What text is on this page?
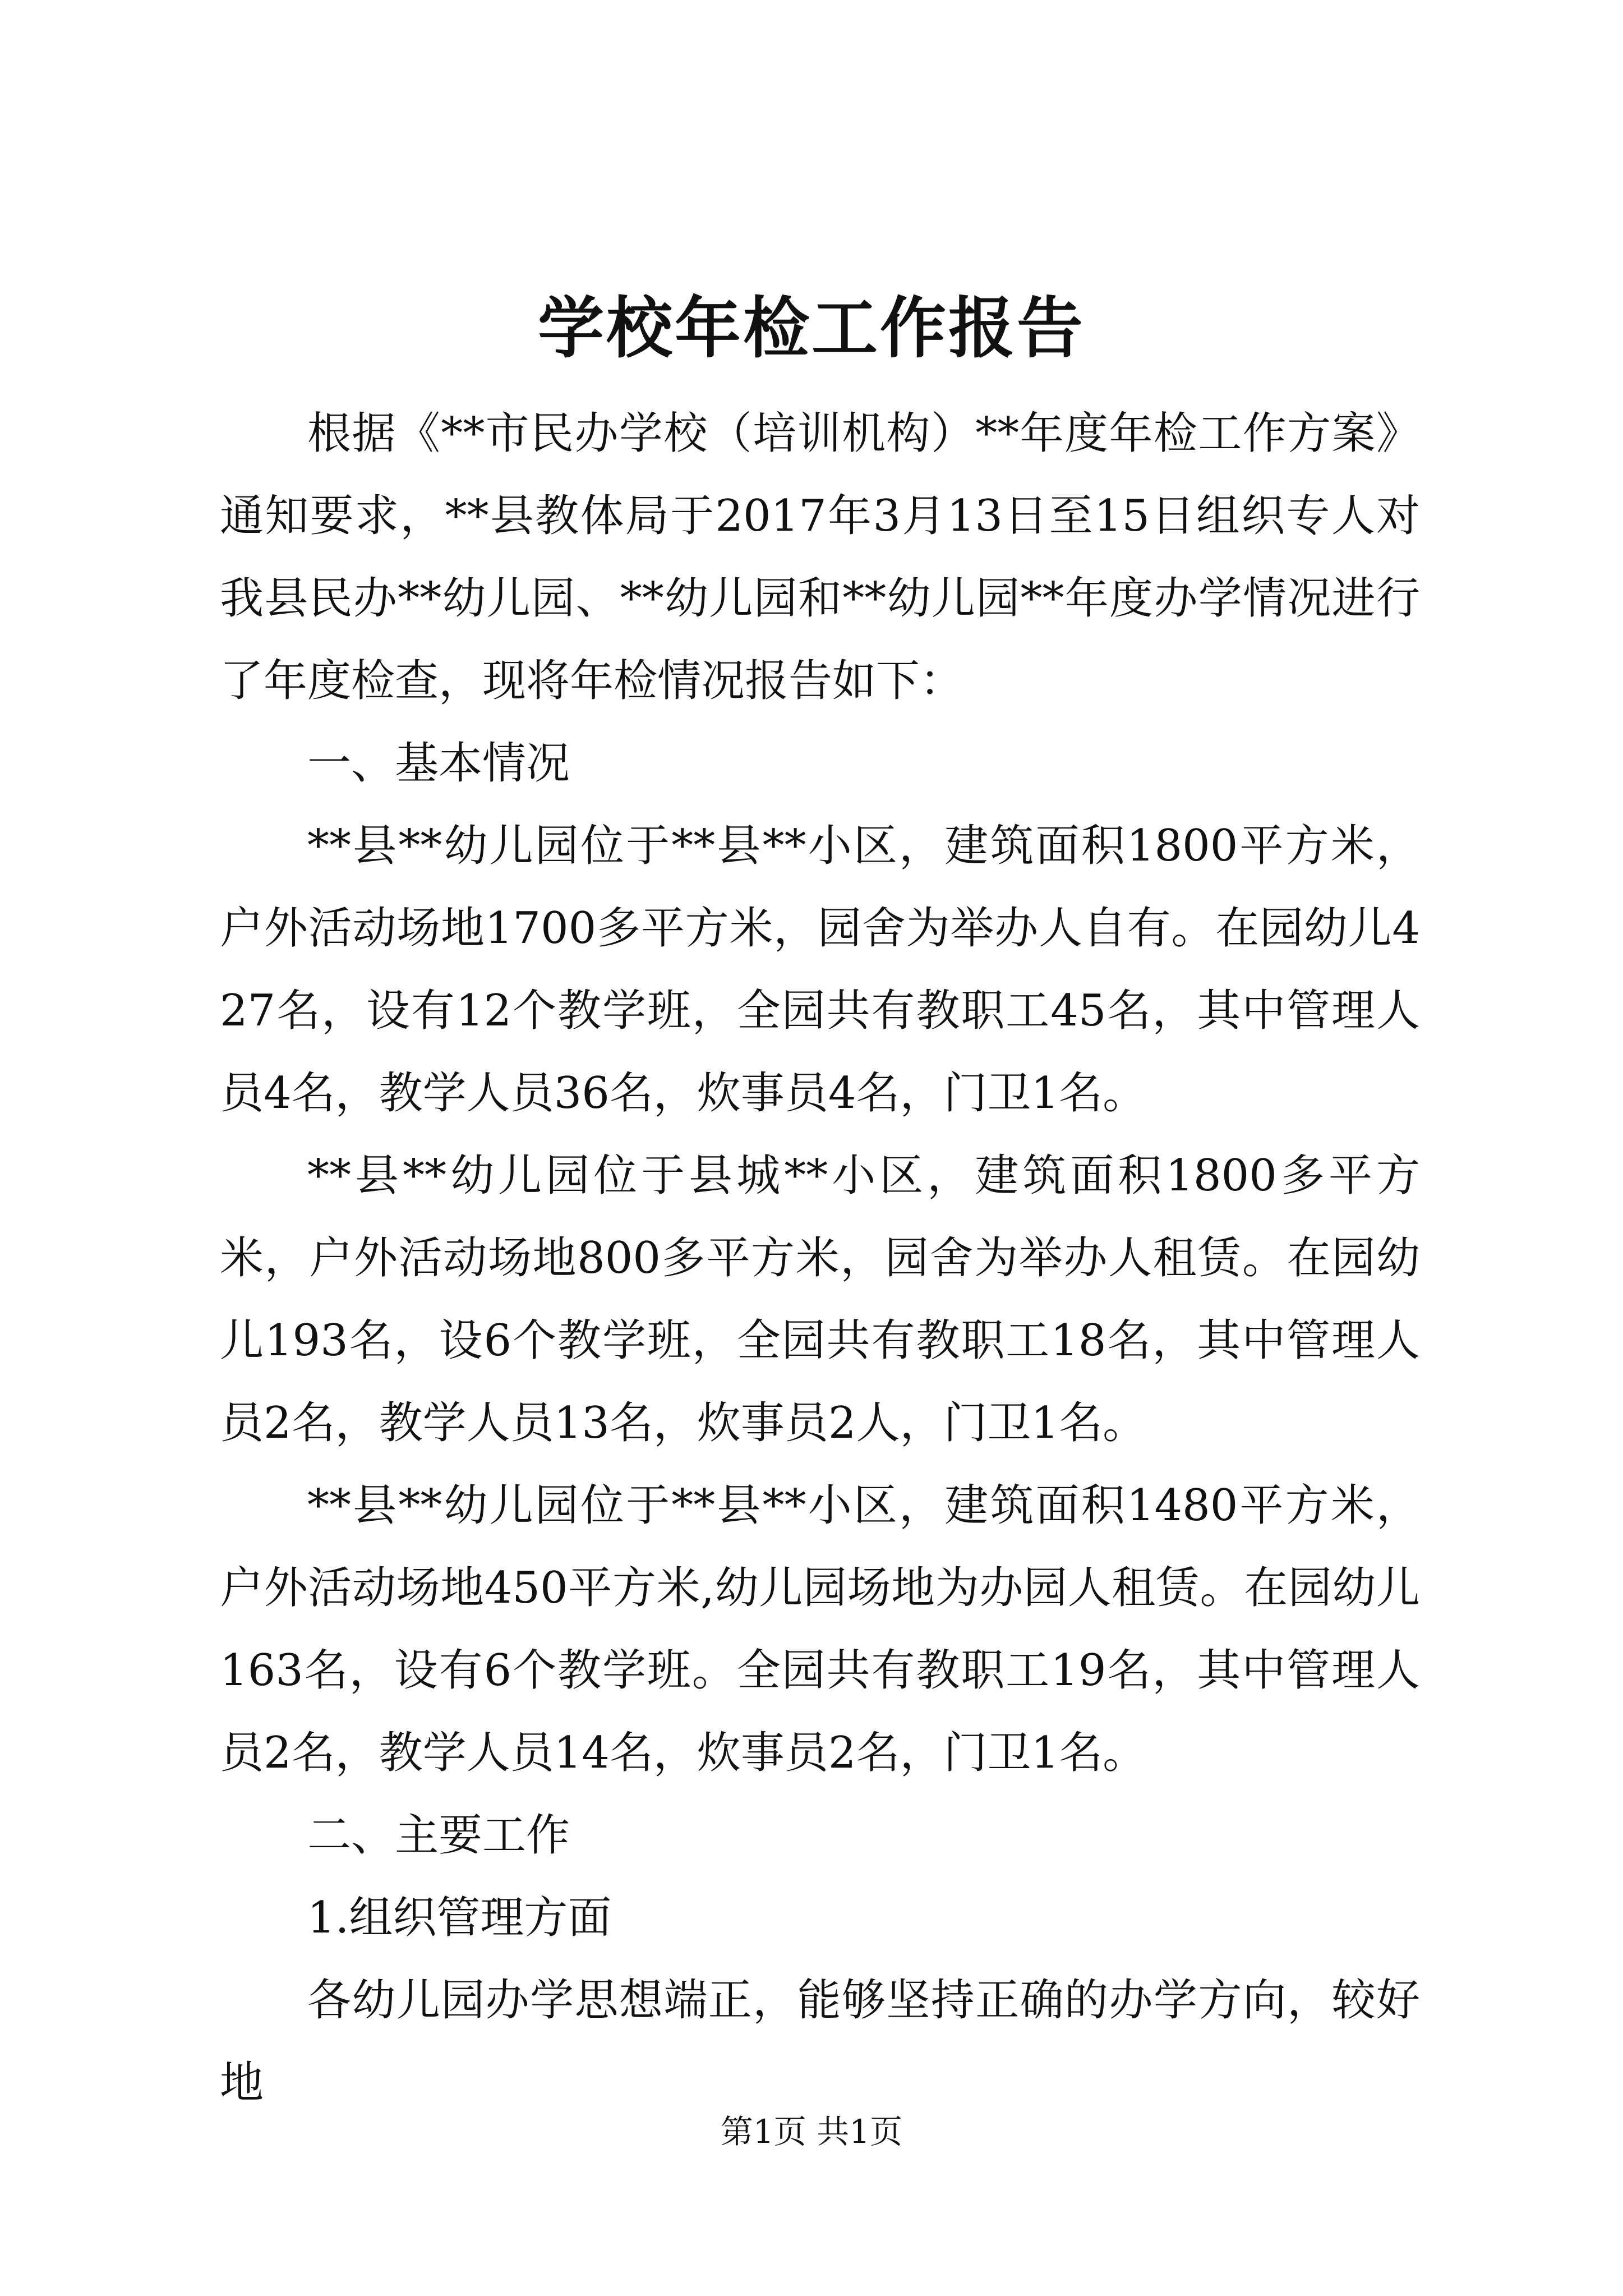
学校年检工作报告

根据《**市民办学校（培训机构）**年度年检工作方案》通知要求，**县教体局于2017年3月13日至15日组织专人对我县民办**幼儿园、**幼儿园和**幼儿园**年度办学情况进行了年度检查，现将年检情况报告如下：

一、基本情况

**县**幼儿园位于**县**小区，建筑面积1800平方米，户外活动场地1700多平方米，园舍为举办人自有。在园幼儿427名，设有12个教学班，全园共有教职工45名，其中管理人员4名，教学人员36名，炊事员4名，门卫1名。

**县**幼儿园位于县城**小区，建筑面积1800多平方米，户外活动场地800多平方米，园舍为举办人租赁。在园幼儿193名，设6个教学班，全园共有教职工18名，其中管理人员2名，教学人员13名，炊事员2人，门卫1名。

**县**幼儿园位于**县**小区，建筑面积1480平方米，户外活动场地450平方米,幼儿园场地为办园人租赁。在园幼儿163名，设有6个教学班。全园共有教职工19名，其中管理人员2名，教学人员14名，炊事员2名，门卫1名。

二、主要工作

1.组织管理方面

各幼儿园办学思想端正，能够坚持正确的办学方向，较好地

第1页 共1页
